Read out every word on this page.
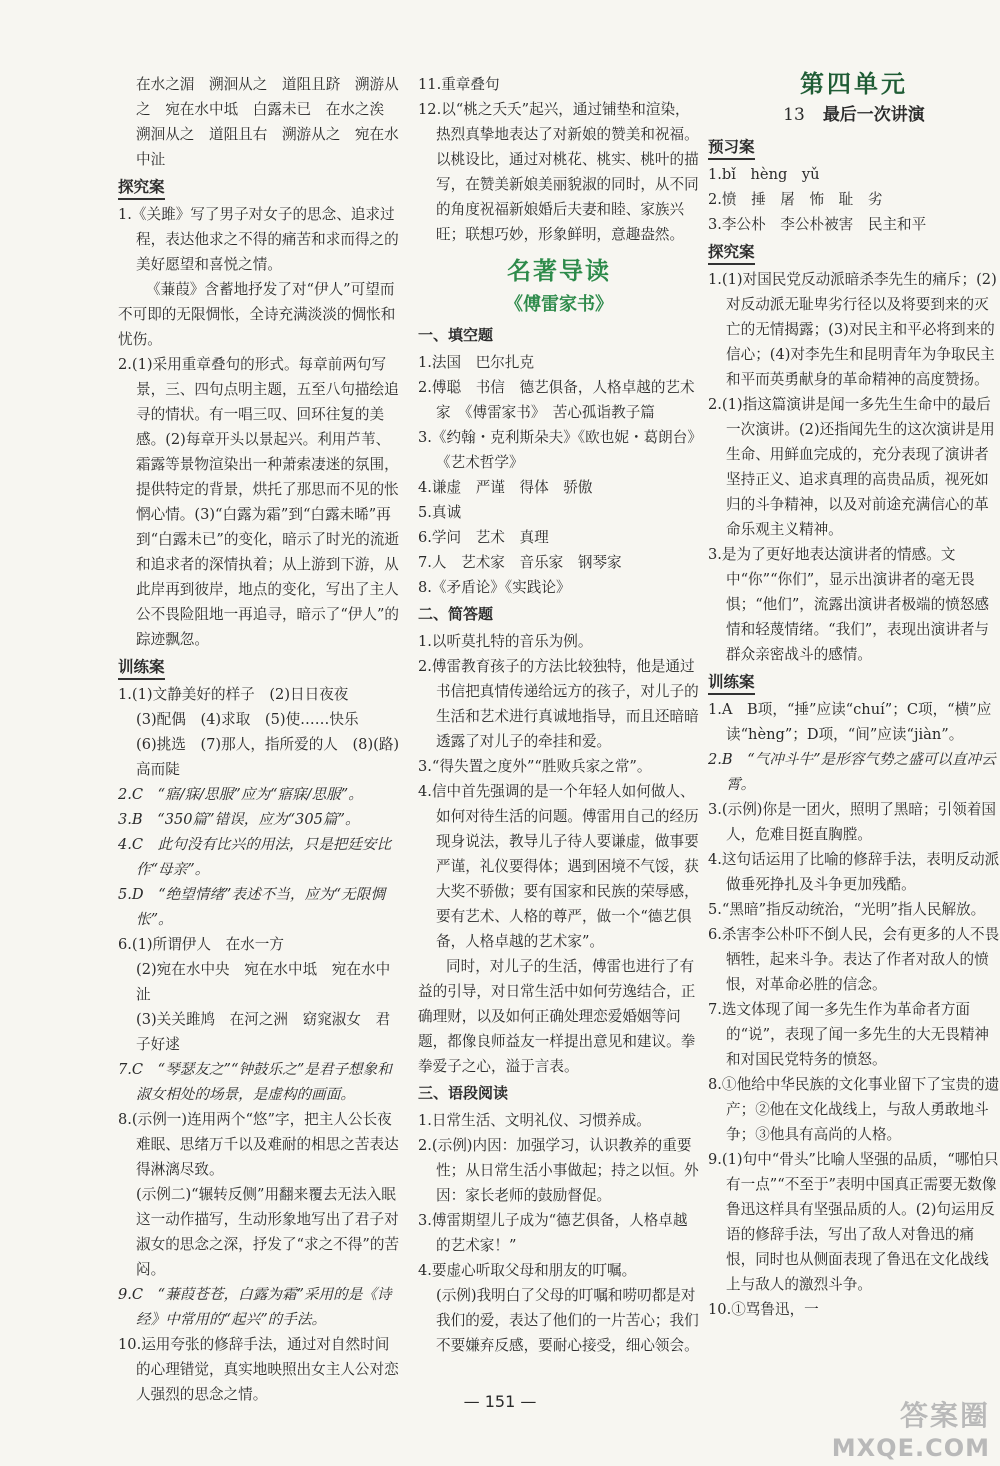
在水之湄　溯洄从之　道阻且跻　溯游从

之　宛在水中坻　白露未已　在水之涘

溯洄从之　道阻且右　溯游从之　宛在水

中沚

探究案

1.《关雎》写了男子对女子的思念、追求过程，表达他求之不得的痛苦和求而得之的美好愿望和喜悦之情。

《蒹葭》含蓄地抒发了对“伊人”可望而不可即的无限惆怅，全诗充满淡淡的惆怅和忧伤。

2.(1)采用重章叠句的形式。每章前两句写景，三、四句点明主题，五至八句描绘追寻的情状。有一唱三叹、回环往复的美感。(2)每章开头以景起兴。利用芦苇、霜露等景物渲染出一种萧索凄迷的氛围，提供特定的背景，烘托了那思而不见的怅惘心情。(3)“白露为霜”到“白露未晞”再到“白露未已”的变化，暗示了时光的流逝和追求者的深情执着；从上游到下游，从此岸再到彼岸，地点的变化，写出了主人公不畏险阻地一再追寻，暗示了“伊人”的踪迹飘忽。

训练案

1.(1)文静美好的样子　(2)日日夜夜

(3)配偶　(4)求取　(5)使……快乐

(6)挑选　(7)那人，指所爱的人　(8)(路)高而陡

2.C　“寤/寐/思服”应为“寤寐/思服”。

3.B　“350篇”错误，应为“305篇”。

4.C　此句没有比兴的用法，只是把廷安比作“母亲”。

5.D　“绝望情绪”表述不当，应为“无限惆怅”。

6.(1)所谓伊人　在水一方

(2)宛在水中央　宛在水中坻　宛在水中沚

(3)关关雎鸠　在河之洲　窈窕淑女　君子好逑

7.C　“琴瑟友之”“钟鼓乐之”是君子想象和淑女相处的场景，是虚构的画面。

8.(示例一)连用两个“悠”字，把主人公长夜难眠、思绪万千以及难耐的相思之苦表达得淋漓尽致。

(示例二)“辗转反侧”用翻来覆去无法入眠这一动作描写，生动形象地写出了君子对淑女的思念之深，抒发了“求之不得”的苦闷。

9.C　“蒹葭苍苍，白露为霜”采用的是《诗经》中常用的“起兴”的手法。

10.运用夸张的修辞手法，通过对自然时间的心理错觉，真实地映照出女主人公对恋人强烈的思念之情。

11.重章叠句

12.以“桃之夭夭”起兴，通过铺垫和渲染，热烈真挚地表达了对新娘的赞美和祝福。以桃设比，通过对桃花、桃实、桃叶的描写，在赞美新娘美丽貌淑的同时，从不同的角度祝福新娘婚后夫妻和睦、家族兴旺；联想巧妙，形象鲜明，意趣盎然。

名著导读
《傅雷家书》
一、填空题

1.法国　巴尔扎克

2.傅聪　书信　德艺俱备，人格卓越的艺术家　《傅雷家书》　苦心孤诣教子篇

3.《约翰・克利斯朵夫》《欧也妮・葛朗台》《艺术哲学》

4.谦虚　严谨　得体　骄傲

5.真诚

6.学问　艺术　真理

7.人　艺术家　音乐家　钢琴家

8.《矛盾论》《实践论》

二、简答题

1.以听莫扎特的音乐为例。

2.傅雷教育孩子的方法比较独特，他是通过书信把真情传递给远方的孩子，对儿子的生活和艺术进行真诚地指导，而且还暗暗透露了对儿子的牵挂和爱。

3.“得失置之度外”“胜败兵家之常”。

4.信中首先强调的是一个年轻人如何做人、如何对待生活的问题。傅雷用自己的经历现身说法，教导儿子待人要谦虚，做事要严谨，礼仪要得体；遇到困境不气馁，获大奖不骄傲；要有国家和民族的荣辱感，要有艺术、人格的尊严，做一个“德艺俱备，人格卓越的艺术家”。

同时，对儿子的生活，傅雷也进行了有益的引导，对日常生活中如何劳逸结合，正确理财，以及如何正确处理恋爱婚姻等问题，都像良师益友一样提出意见和建议。拳拳爱子之心，溢于言表。

三、语段阅读

1.日常生活、文明礼仪、习惯养成。

2.(示例)内因：加强学习，认识教养的重要性；从日常生活小事做起；持之以恒。外因：家长老师的鼓励督促。

3.傅雷期望儿子成为“德艺俱备，人格卓越的艺术家！”

4.要虚心听取父母和朋友的叮嘱。

(示例)我明白了父母的叮嘱和唠叨都是对我们的爱，表达了他们的一片苦心；我们不要嫌弃反感，要耐心接受，细心领会。

第四单元
13 最后一次讲演
预习案

1.bǐ　hèng　yǔ

2.愤　捶　屠　怖　耻　劣

3.李公朴　李公朴被害　民主和平

探究案

1.(1)对国民党反动派暗杀李先生的痛斥；(2)对反动派无耻卑劣行径以及将要到来的灭亡的无情揭露；(3)对民主和平必将到来的信心；(4)对李先生和昆明青年为争取民主和平而英勇献身的革命精神的高度赞扬。

2.(1)指这篇演讲是闻一多先生生命中的最后一次演讲。(2)还指闻先生的这次演讲是用生命、用鲜血完成的，充分表现了演讲者坚持正义、追求真理的高贵品质，视死如归的斗争精神，以及对前途充满信心的革命乐观主义精神。

3.是为了更好地表达演讲者的情感。文中“你”“你们”，显示出演讲者的毫无畏惧；“他们”，流露出演讲者极端的愤怒感情和轻蔑情绪。“我们”，表现出演讲者与群众亲密战斗的感情。

训练案

1.A　B项，“捶”应读“chuí”；C项，“横”应读“hèng”；D项，“间”应读“jiàn”。

2.B　“气冲斗牛”是形容气势之盛可以直冲云霄。

3.(示例)你是一团火，照明了黑暗；引领着国人，危难目挺直胸膛。

4.这句话运用了比喻的修辞手法，表明反动派做垂死挣扎及斗争更加残酷。

5.“黑暗”指反动统治，“光明”指人民解放。

6.杀害李公朴吓不倒人民，会有更多的人不畏牺牲，起来斗争。表达了作者对敌人的愤恨，对革命必胜的信念。

7.选文体现了闻一多先生作为革命者方面的“说”，表现了闻一多先生的大无畏精神和对国民党特务的愤怒。

8.①他给中华民族的文化事业留下了宝贵的遗产；②他在文化战线上，与敌人勇敢地斗争；③他具有高尚的人格。

9.(1)句中“骨头”比喻人坚强的品质，“哪怕只有一点”“不至于”表明中国真正需要无数像鲁迅这样具有坚强品质的人。(2)句运用反语的修辞手法，写出了敌人对鲁迅的痛恨，同时也从侧面表现了鲁迅在文化战线上与敌人的激烈斗争。

10.①骂鲁迅，一

— 151 —	答案圈
MXQE.COM
